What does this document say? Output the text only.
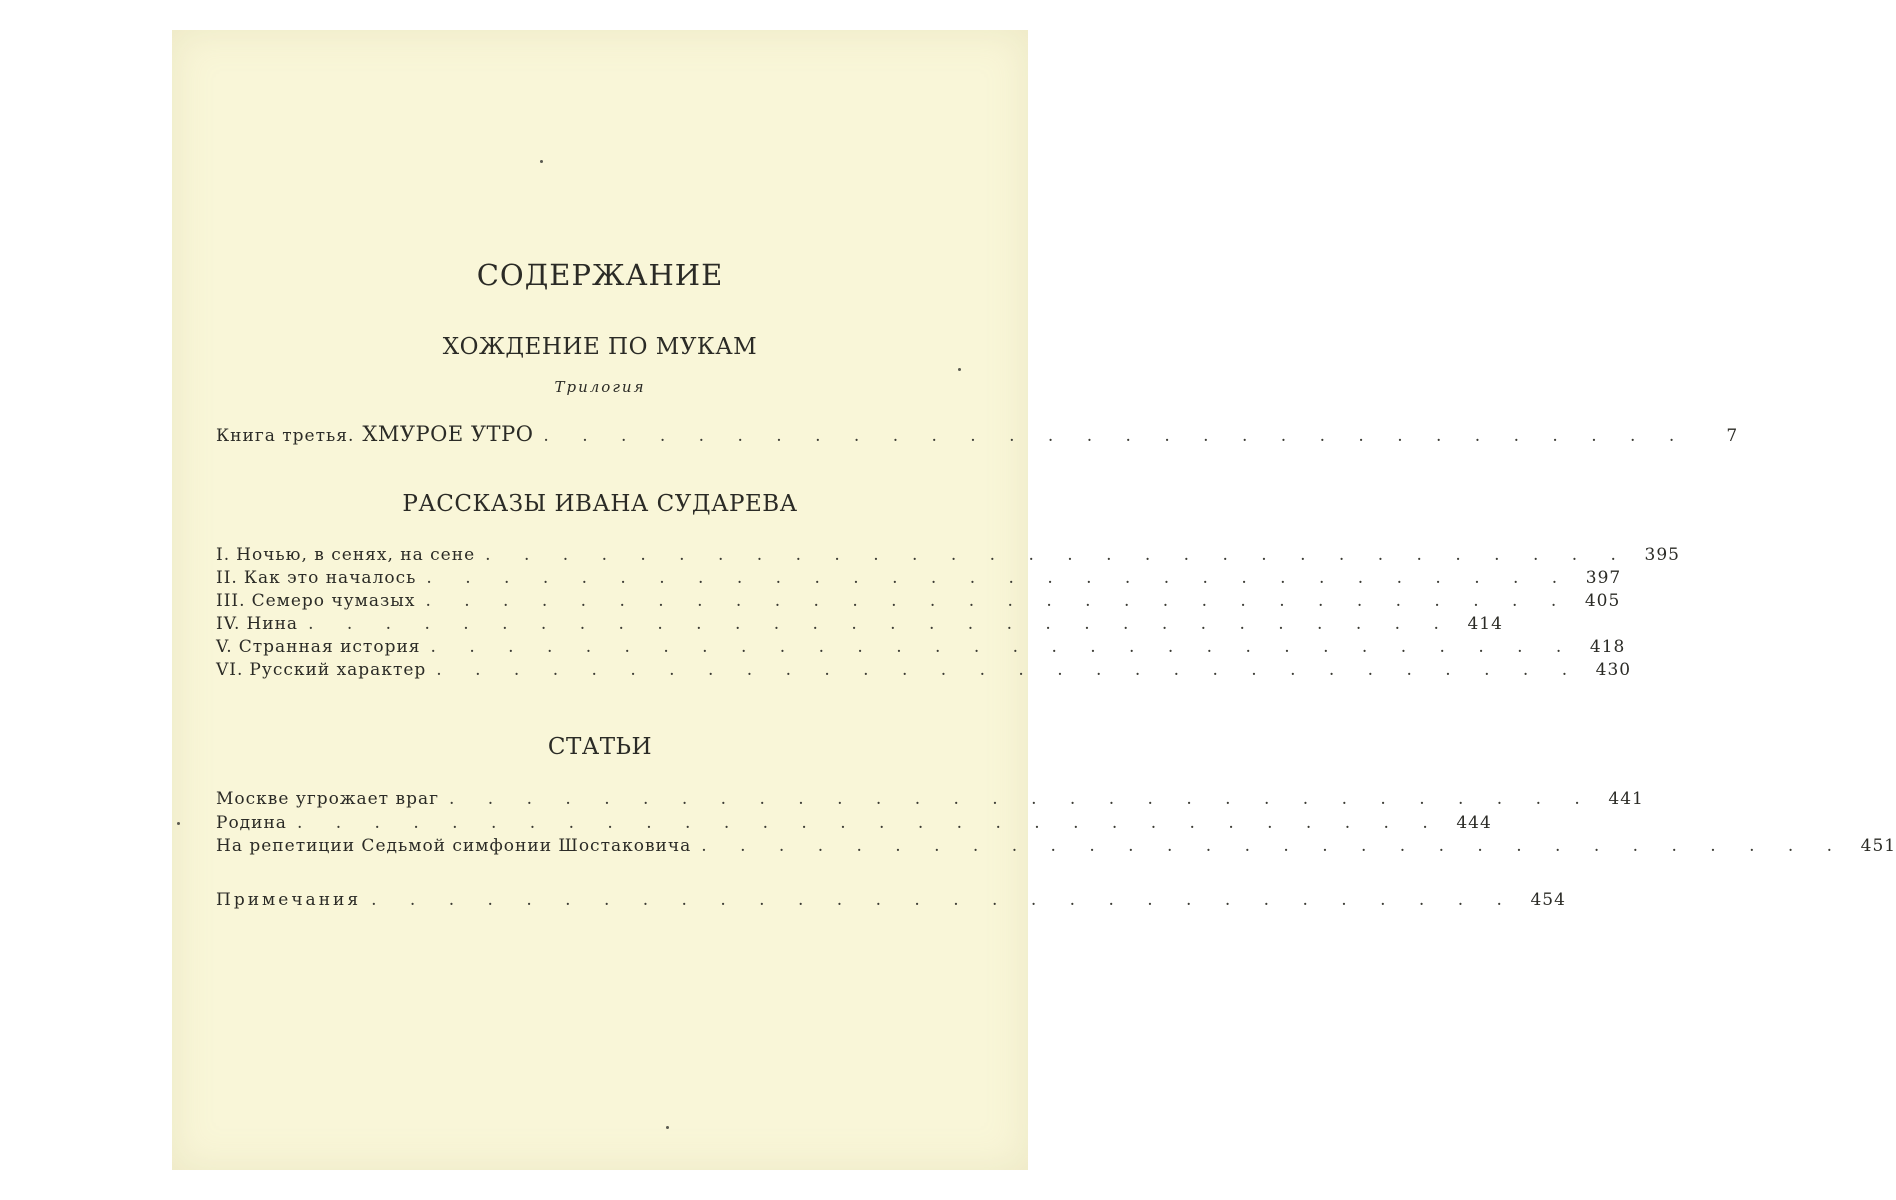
СОДЕРЖАНИЕ
ХОЖДЕНИЕ ПО МУКАМ
Трилогия
Книга третья. ХМУРОЕ УТРО . . . . . . . . . . . . . . . . . . . . . . . . . . . . . .	7
РАССКАЗЫ ИВАНА СУДАРЕВА
I. Ночью, в сенях, на сене . . . . . . . . . . . . . . . . . . . . . . . . . . . . . . 395
II. Как это началось . . . . . . . . . . . . . . . . . . . . . . . . . . . . . . 397
III. Семеро чумазых . . . . . . . . . . . . . . . . . . . . . . . . . . . . . . 405
IV. Нина . . . . . . . . . . . . . . . . . . . . . . . . . . . . . . 414
V. Странная история . . . . . . . . . . . . . . . . . . . . . . . . . . . . . . 418
VI. Русский характер . . . . . . . . . . . . . . . . . . . . . . . . . . . . . . 430
СТАТЬИ
Москве угрожает враг . . . . . . . . . . . . . . . . . . . . . . . . . . . . . . 441
Родина . . . . . . . . . . . . . . . . . . . . . . . . . . . . . . 444
На репетиции Седьмой симфонии Шостаковича . . . . . . . . . . . . . . . . . . . . . . . . . . . . . . 451
Примечания . . . . . . . . . . . . . . . . . . . . . . . . . . . . . . 454
